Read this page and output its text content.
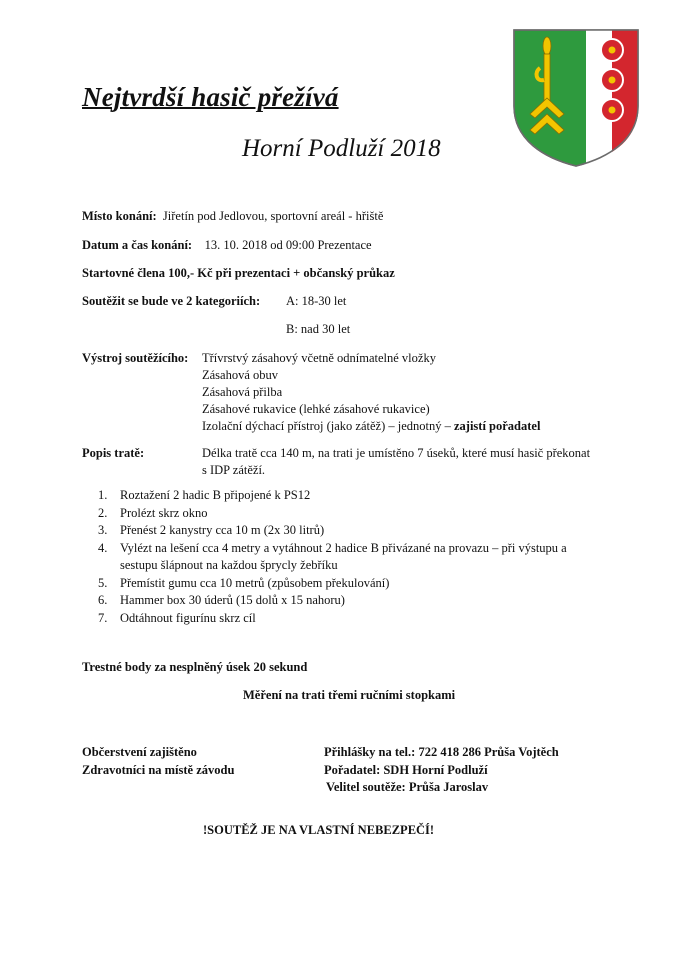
Nejtvrdší hasič přežívá
Horní Podluží 2018
Místo konání: Jiřetín pod Jedlovou, sportovní areál - hřiště
Datum a čas konání: 13. 10. 2018 od 09:00 Prezentace
Startovné člena 100,- Kč při prezentaci + občanský průkaz
Soutěžit se bude ve 2 kategoriích: A: 18-30 let
B: nad 30 let
Výstroj soutěžícího: Třívrstvý zásahový včetně odnímatelné vložky
Zásahová obuv
Zásahová přilba
Zásahové rukavice (lehké zásahové rukavice)
Izolační dýchací přístroj (jako zátěž) – jednotný – zajistí pořadatel
Popis tratě:	Délka tratě cca 140 m, na trati je umístěno 7 úseků, které musí hasič překonat
s IDP zátěží.
1. Roztažení 2 hadic B připojené k PS12
2. Prolézt skrz okno
3. Přenést 2 kanystry cca 10 m (2x 30 litrů)
4. Vylézt na lešení cca 4 metry a vytáhnout 2 hadice B přivázané na provazu – při výstupu a sestupu šlápnout na každou šprycly žebříku
5. Přemístit gumu cca 10 metrů (způsobem překulování)
6. Hammer box 30 úderů (15 dolů x 15 nahoru)
7. Odtáhnout figurínu skrz cíl
Trestné body za nesplněný úsek 20 sekund
Měření na trati třemi ručními stopkami
Občerstvení zajištěno
Zdravotníci na místě závodu
Přihlášky na tel.: 722 418 286 Průša Vojtěch
Pořadatel: SDH Horní Podluží
Velitel soutěže: Průša Jaroslav
!SOUTĚŽ JE NA VLASTNÍ NEBEZPEČÍ!
